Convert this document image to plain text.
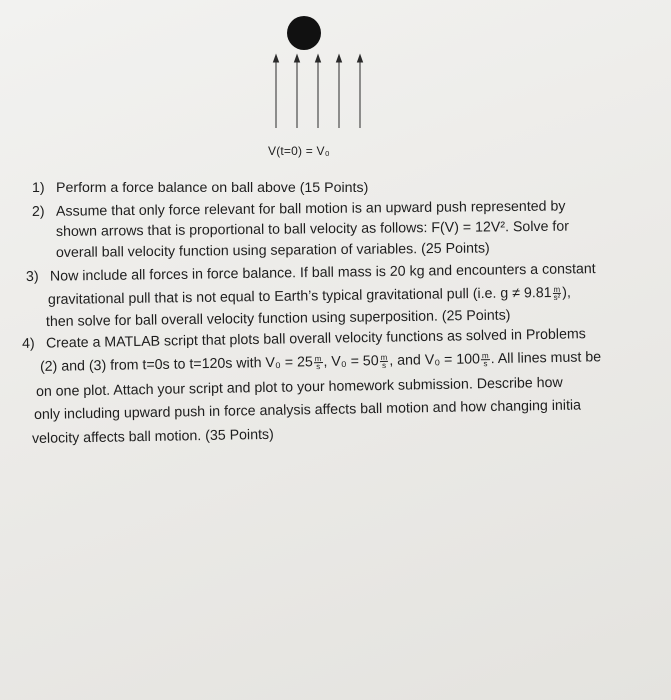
V(t=0) = V₀
1) Perform a force balance on ball above (15 Points)
2) Assume that only force relevant for ball motion is an upward push represented by
shown arrows that is proportional to ball velocity as follows: F(V) = 12V². Solve for
overall ball velocity function using separation of variables. (25 Points)
3) Now include all forces in force balance. If ball mass is 20 kg and encounters a constant
gravitational pull that is not equal to Earth’s typical gravitational pull (i.e. $g \ne 9.81 \frac{m}{\text{s²}}$ ),
then solve for ball overall velocity function using superposition. (25 Points)
4) Create a MATLAB script that plots ball overall velocity functions as solved in Problems
(2) and (3) from t=0s to t=120s with $V_0 = 25 \frac{m}{s}$ , $V_0 = 50 \frac{m}{s}$ , and $V_0 = 100 \frac{m}{s}$ . All lines must be
on one plot. Attach your script and plot to your homework submission. Describe how
only including upward push in force analysis affects ball motion and how changing initia
velocity affects ball motion. (35 Points)
